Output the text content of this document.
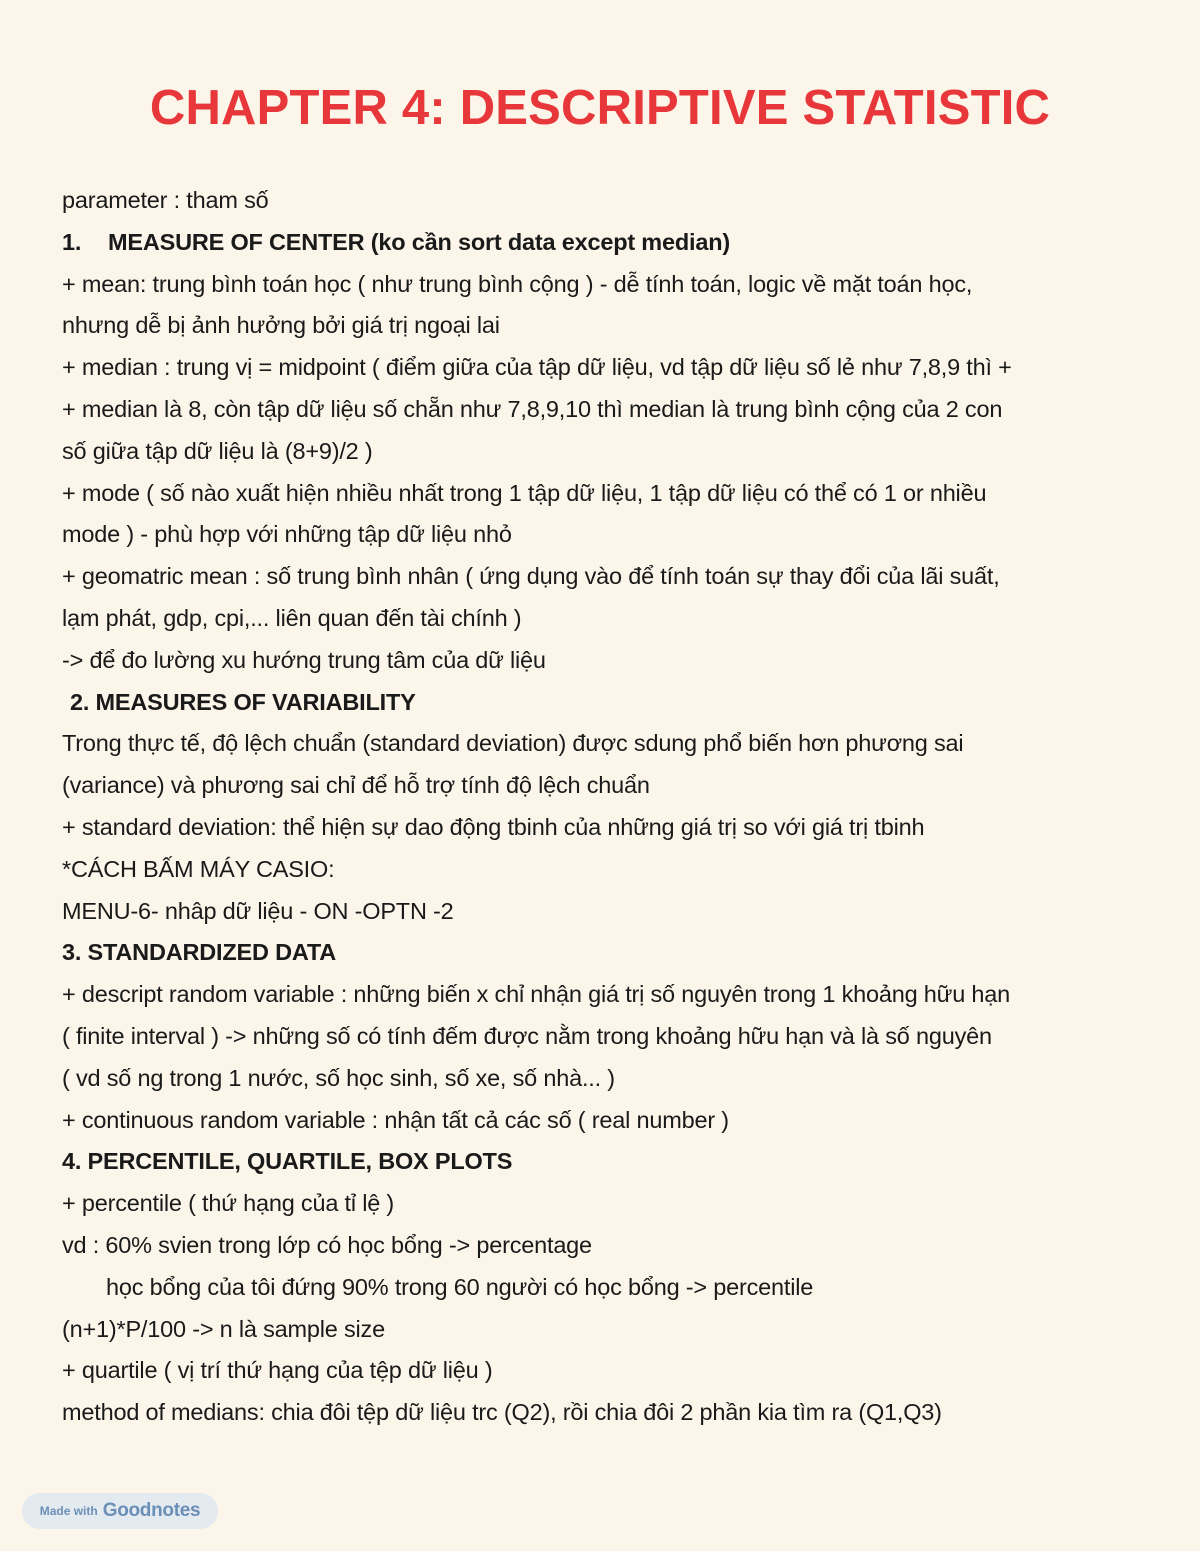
CHAPTER 4: DESCRIPTIVE STATISTIC
parameter : tham số
1. MEASURE OF CENTER (ko cần sort data except median)
+ mean: trung bình toán học ( như trung bình cộng ) - dễ tính toán, logic về mặt toán học,
nhưng dễ bị ảnh hưởng bởi giá trị ngoại lai
+ median : trung vị = midpoint ( điểm giữa của tập dữ liệu, vd tập dữ liệu số lẻ như 7,8,9 thì +
+ median là 8, còn tập dữ liệu số chẵn như 7,8,9,10 thì median là trung bình cộng của 2 con
số giữa tập dữ liệu là (8+9)/2 )
+ mode ( số nào xuất hiện nhiều nhất trong 1 tập dữ liệu, 1 tập dữ liệu có thể có 1 or nhiều
mode ) - phù hợp với những tập dữ liệu nhỏ
+ geomatric mean : số trung bình nhân ( ứng dụng vào để tính toán sự thay đổi của lãi suất,
lạm phát, gdp, cpi,... liên quan đến tài chính )
-> để đo lường xu hướng trung tâm của dữ liệu
2. MEASURES OF VARIABILITY
Trong thực tế, độ lệch chuẩn (standard deviation) được sdung phổ biến hơn phương sai
(variance) và phương sai chỉ để hỗ trợ tính độ lệch chuẩn
+ standard deviation: thể hiện sự dao động tbinh của những giá trị so với giá trị tbinh
*CÁCH BẤM MÁY CASIO:
MENU-6- nhâp dữ liệu - ON -OPTN -2
3. STANDARDIZED DATA
+ descript random variable : những biến x chỉ nhận giá trị số nguyên trong 1 khoảng hữu hạn
( finite interval ) -> những số có tính đếm được nằm trong khoảng hữu hạn và là số nguyên
( vd số ng trong 1 nước, số học sinh, số xe, số nhà... )
+ continuous random variable : nhận tất cả các số ( real number )
4. PERCENTILE, QUARTILE, BOX PLOTS
+ percentile ( thứ hạng của tỉ lệ )
vd : 60% svien trong lớp có học bổng -> percentage
học bổng của tôi đứng 90% trong 60 người có học bổng -> percentile
(n+1)*P/100 -> n là sample size
+ quartile ( vị trí thứ hạng của tệp dữ liệu )
method of medians: chia đôi tệp dữ liệu trc (Q2), rồi chia đôi 2 phần kia tìm ra (Q1,Q3)
Made with Goodnotes
